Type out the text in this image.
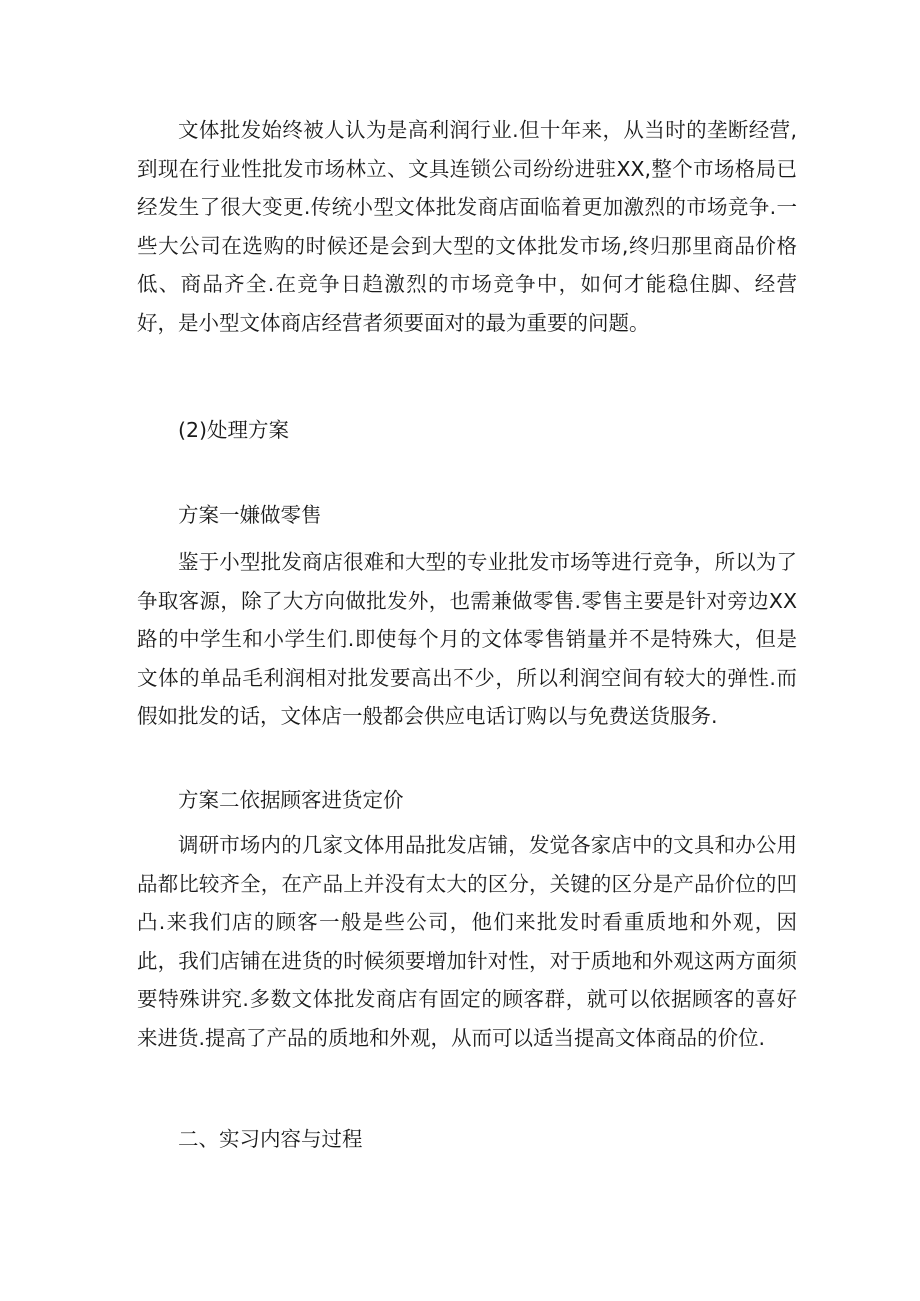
文体批发始终被人认为是高利润行业.但十年来，从当时的垄断经营,到现在行业性批发市场林立、文具连锁公司纷纷进驻XX,整个市场格局已经发生了很大变更.传统小型文体批发商店面临着更加激烈的市场竞争.一些大公司在选购的时候还是会到大型的文体批发市场,终归那里商品价格低、商品齐全.在竞争日趋激烈的市场竞争中，如何才能稳住脚、经营好，是小型文体商店经营者须要面对的最为重要的问题。

(2)处理方案

方案一嫌做零售

鉴于小型批发商店很难和大型的专业批发市场等进行竞争，所以为了争取客源，除了大方向做批发外，也需兼做零售.零售主要是针对旁边XX路的中学生和小学生们.即使每个月的文体零售销量并不是特殊大，但是文体的单品毛利润相对批发要高出不少，所以利润空间有较大的弹性.而假如批发的话，文体店一般都会供应电话订购以与免费送货服务.

方案二依据顾客进货定价

调研市场内的几家文体用品批发店铺，发觉各家店中的文具和办公用品都比较齐全，在产品上并没有太大的区分，关键的区分是产品价位的凹凸.来我们店的顾客一般是些公司，他们来批发时看重质地和外观，因此，我们店铺在进货的时候须要增加针对性，对于质地和外观这两方面须要特殊讲究.多数文体批发商店有固定的顾客群，就可以依据顾客的喜好来进货.提高了产品的质地和外观，从而可以适当提高文体商品的价位.

二、实习内容与过程
